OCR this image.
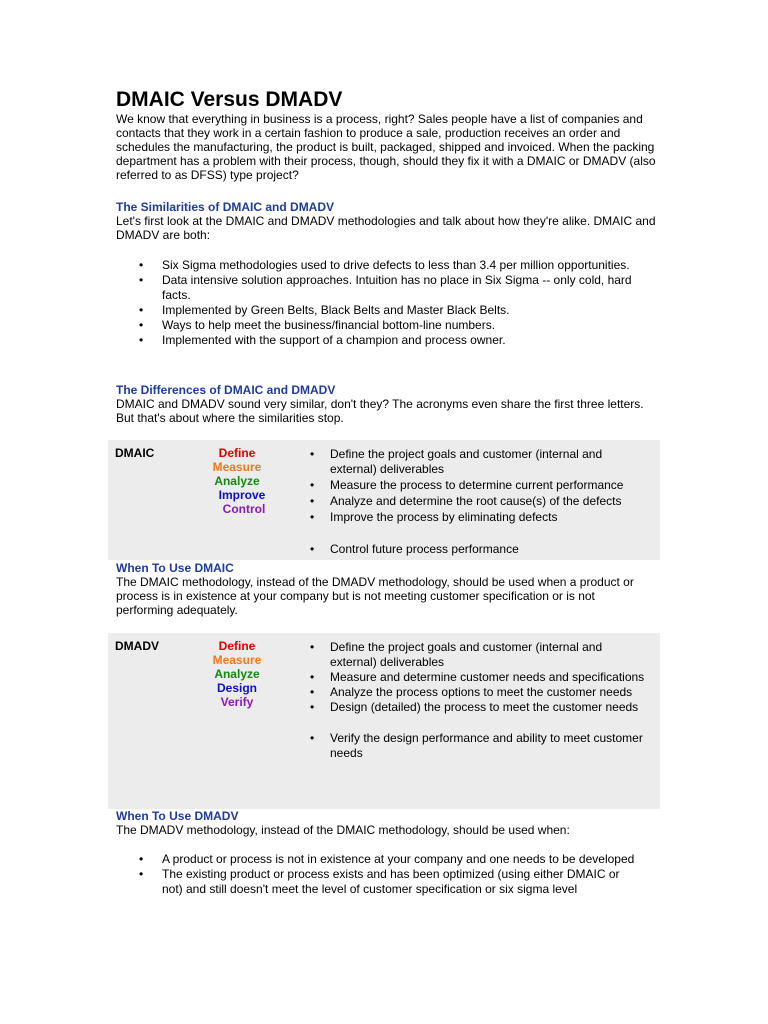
DMAIC Versus DMADV

We know that everything in business is a process, right? Sales people have a list of companies and contacts that they work in a certain fashion to produce a sale, production receives an order and schedules the manufacturing, the product is built, packaged, shipped and invoiced. When the packing department has a problem with their process, though, should they fix it with a DMAIC or DMADV (also referred to as DFSS) type project?

The Similarities of DMAIC and DMADV

Let's first look at the DMAIC and DMADV methodologies and talk about how they're alike. DMAIC and DMADV are both:

• Six Sigma methodologies used to drive defects to less than 3.4 per million opportunities.
• Data intensive solution approaches. Intuition has no place in Six Sigma -- only cold, hard facts.
• Implemented by Green Belts, Black Belts and Master Black Belts.
• Ways to help meet the business/financial bottom-line numbers.
• Implemented with the support of a champion and process owner.

The Differences of DMAIC and DMADV

DMAIC and DMADV sound very similar, don't they? The acronyms even share the first three letters. But that's about where the similarities stop.

DMAIC	Define
Measure
Analyze
Improve
Control
• Define the project goals and customer (internal and external) deliverables
• Measure the process to determine current performance
• Analyze and determine the root cause(s) of the defects
• Improve the process by eliminating defects
• Control future process performance

When To Use DMAIC

The DMAIC methodology, instead of the DMADV methodology, should be used when a product or process is in existence at your company but is not meeting customer specification or is not performing adequately.

DMADV	Define
Measure
Analyze
Design
Verify
• Define the project goals and customer (internal and external) deliverables
• Measure and determine customer needs and specifications
• Analyze the process options to meet the customer needs
• Design (detailed) the process to meet the customer needs
• Verify the design performance and ability to meet customer needs

When To Use DMADV

The DMADV methodology, instead of the DMAIC methodology, should be used when:

• A product or process is not in existence at your company and one needs to be developed
• The existing product or process exists and has been optimized (using either DMAIC or not) and still doesn't meet the level of customer specification or six sigma level
